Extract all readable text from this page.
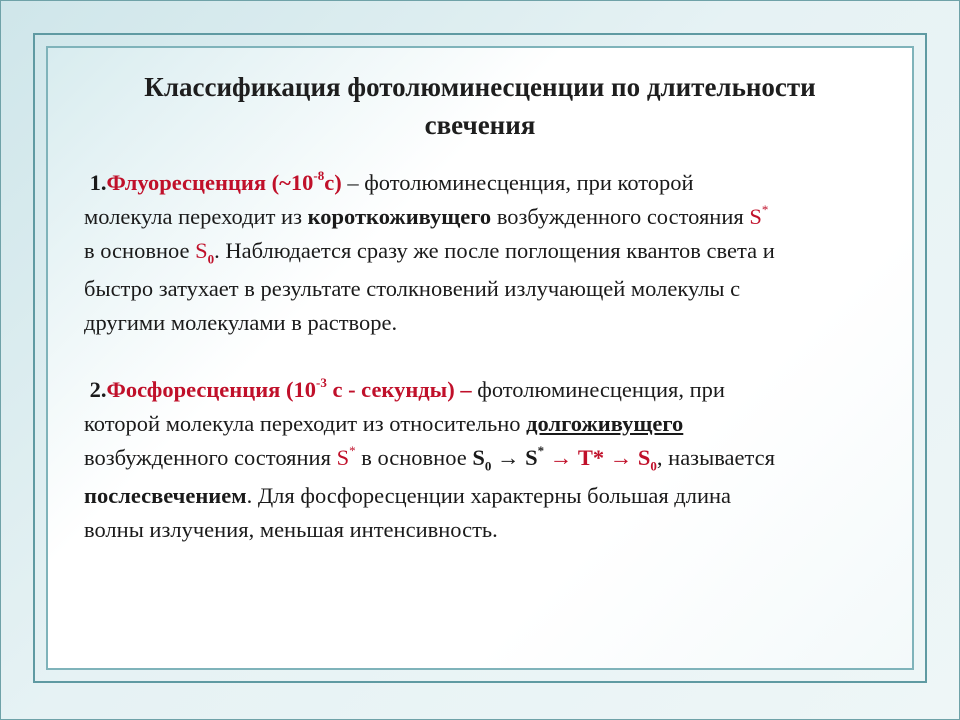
Классификация фотолюминесценции по длительности
свечения
1.Флуоресценция $(\sim 10^{-8}с)$ – фотолюминесценция, при которой
молекула переходит из короткоживущего возбужденного состояния S*
в основное $S_0$. Наблюдается сразу же после поглощения квантов света и
быстро затухает в результате столкновений излучающей молекулы с
другими молекулами в растворе.
2.Фосфоресценция ($10^{-3}$ с - секунды) – фотолюминесценция, при
которой молекула переходит из относительно долгоживущего
возбужденного состояния S* в основное $S_0 \to S^* \to Т* \to S_0$, называется
послесвечением. Для фосфоресценции характерны большая длина
волны излучения, меньшая интенсивность.
